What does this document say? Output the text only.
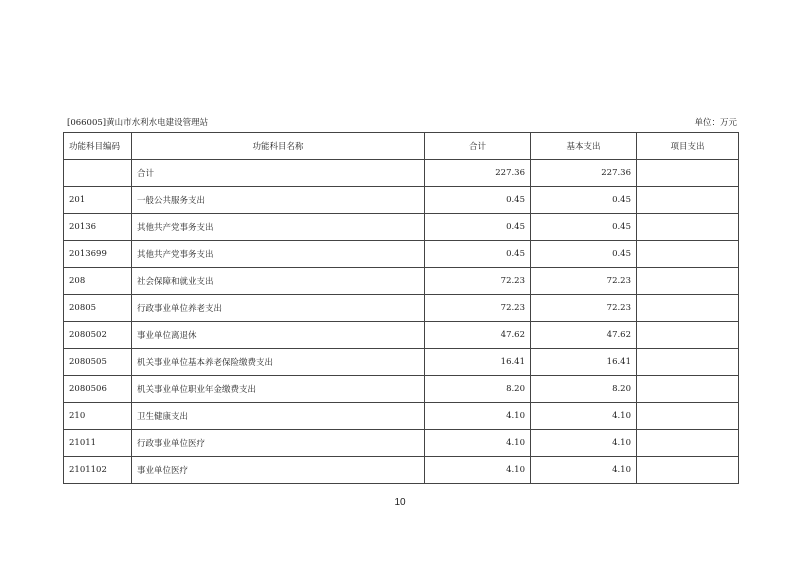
[066005]黄山市水利水电建设管理站	单位：万元
功能科目编码	功能科目名称	合计	基本支出	项目支出
	合计	227.36	227.36	
201	一般公共服务支出	0.45	0.45	
20136	其他共产党事务支出	0.45	0.45	
2013699	其他共产党事务支出	0.45	0.45	
208	社会保障和就业支出	72.23	72.23	
20805	行政事业单位养老支出	72.23	72.23	
2080502	事业单位离退休	47.62	47.62	
2080505	机关事业单位基本养老保险缴费支出	16.41	16.41	
2080506	机关事业单位职业年金缴费支出	8.20	8.20	
210	卫生健康支出	4.10	4.10	
21011	行政事业单位医疗	4.10	4.10	
2101102	事业单位医疗	4.10	4.10	
10
